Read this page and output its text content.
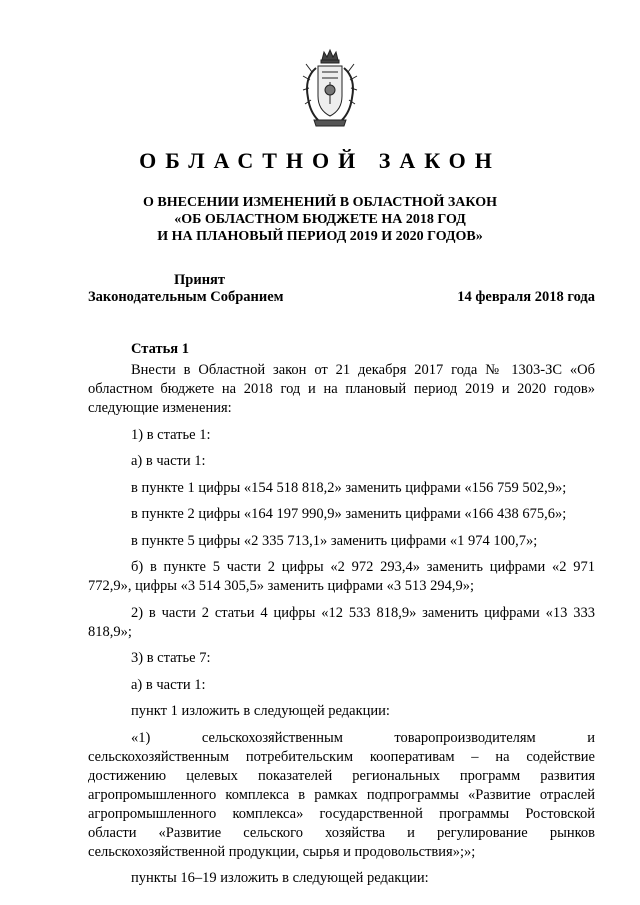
ОБЛАСТНОЙ ЗАКОН
О ВНЕСЕНИИ ИЗМЕНЕНИЙ В ОБЛАСТНОЙ ЗАКОН
«ОБ ОБЛАСТНОМ БЮДЖЕТЕ НА 2018 ГОД
И НА ПЛАНОВЫЙ ПЕРИОД 2019 И 2020 ГОДОВ»
Принят
Законодательным Собранием	14 февраля 2018 года
Статья 1

Внести в Областной закон от 21 декабря 2017 года № 1303-ЗС «Об областном бюджете на 2018 год и на плановый период 2019 и 2020 годов» следующие изменения:

1) в статье 1:

а) в части 1:

в пункте 1 цифры «154 518 818,2» заменить цифрами «156 759 502,9»;

в пункте 2 цифры «164 197 990,9» заменить цифрами «166 438 675,6»;

в пункте 5 цифры «2 335 713,1» заменить цифрами «1 974 100,7»;

б) в пункте 5 части 2 цифры «2 972 293,4» заменить цифрами «2 971 772,9», цифры «3 514 305,5» заменить цифрами «3 513 294,9»;

2) в части 2 статьи 4 цифры «12 533 818,9» заменить цифрами «13 333 818,9»;

3) в статье 7:

а) в части 1:

пункт 1 изложить в следующей редакции:

«1) сельскохозяйственным товаропроизводителям и сельскохозяйственным потребительским кооперативам – на содействие достижению целевых показателей региональных программ развития агропромышленного комплекса в рамках подпрограммы «Развитие отраслей агропромышленного комплекса» государственной программы Ростовской области «Развитие сельского хозяйства и регулирование рынков сельскохозяйственной продукции, сырья и продовольствия»;»;

пункты 16–19 изложить в следующей редакции:
